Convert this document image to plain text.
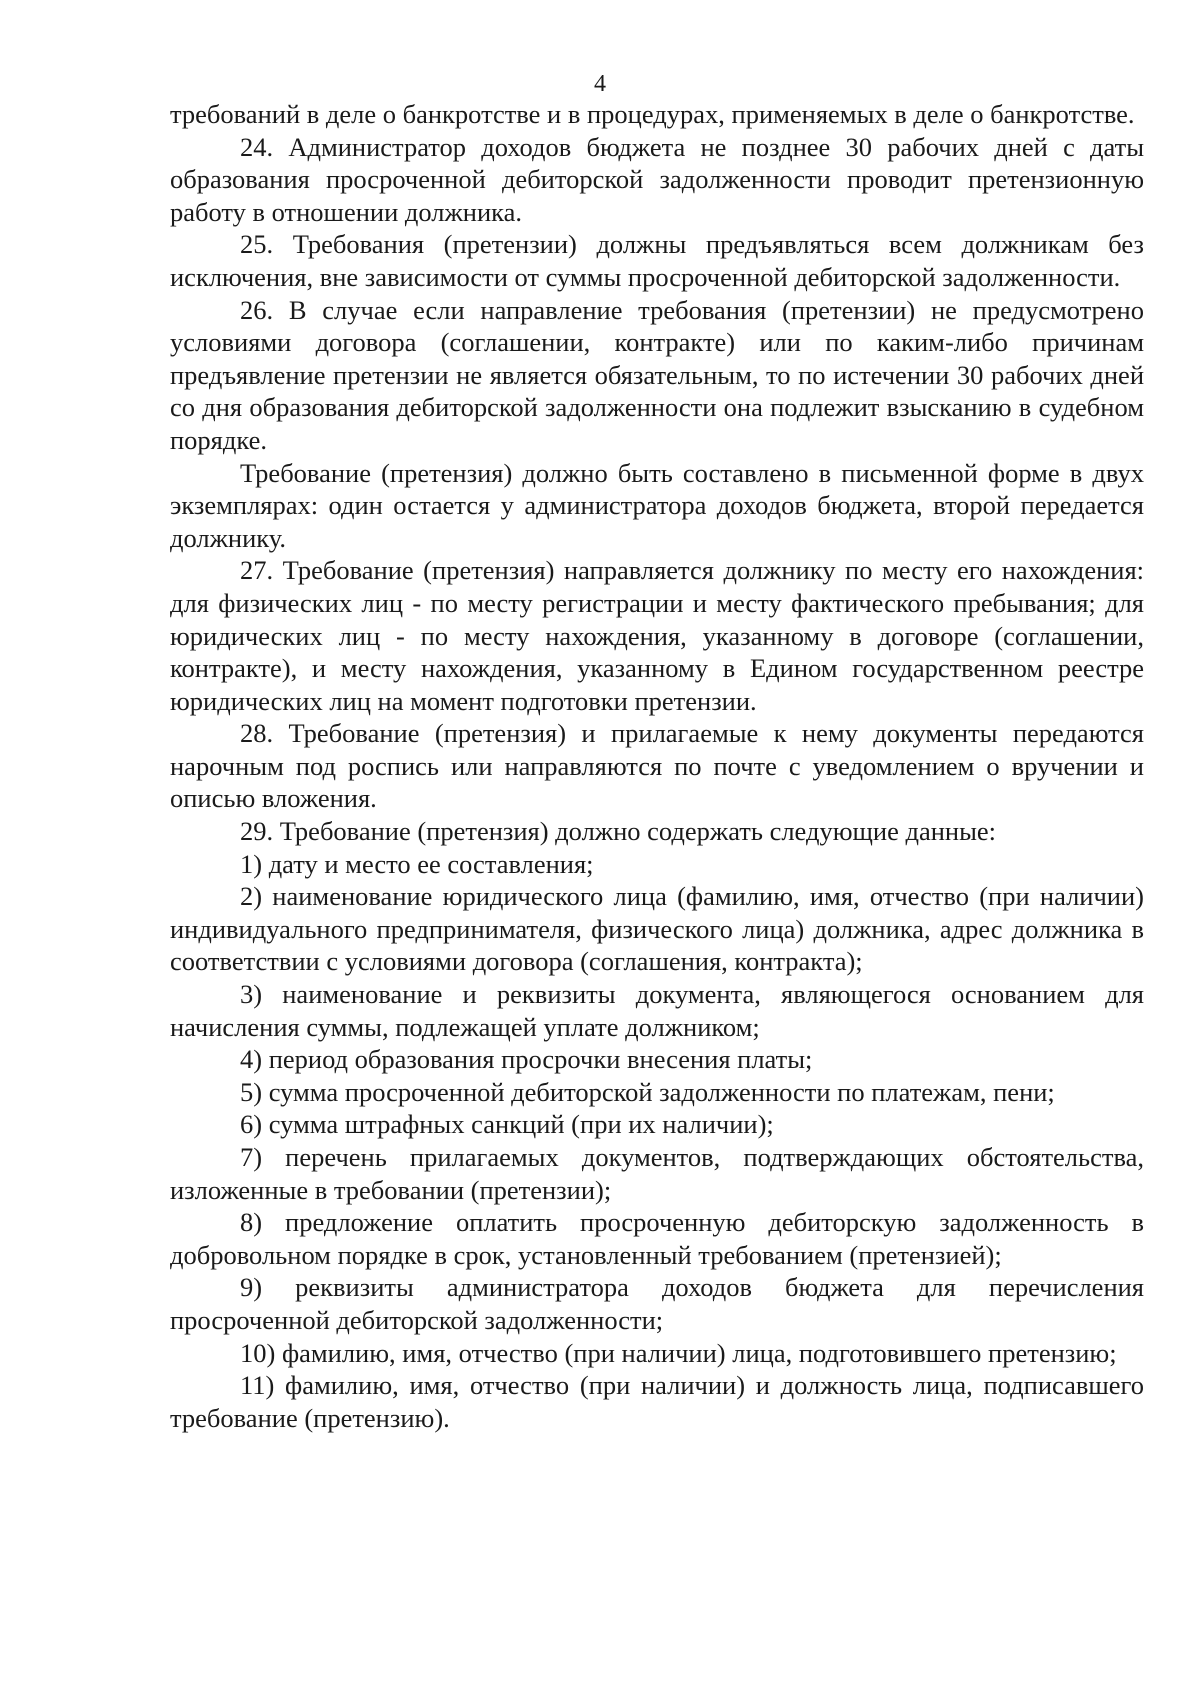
4

требований в деле о банкротстве и в процедурах, применяемых в деле о банкротстве.

24. Администратор доходов бюджета не позднее 30 рабочих дней с даты образования просроченной дебиторской задолженности проводит претензионную работу в отношении должника.

25. Требования (претензии) должны предъявляться всем должникам без исключения, вне зависимости от суммы просроченной дебиторской задолженности.

26. В случае если направление требования (претензии) не предусмотрено условиями договора (соглашении, контракте) или по каким-либо причинам предъявление претензии не является обязательным, то по истечении 30 рабочих дней со дня образования дебиторской задолженности она подлежит взысканию в судебном порядке.

Требование (претензия) должно быть составлено в письменной форме в двух экземплярах: один остается у администратора доходов бюджета, второй передается должнику.

27. Требование (претензия) направляется должнику по месту его нахождения: для физических лиц - по месту регистрации и месту фактического пребывания; для юридических лиц - по месту нахождения, указанному в договоре (соглашении, контракте), и месту нахождения, указанному в Едином государственном реестре юридических лиц на момент подготовки претензии.

28. Требование (претензия) и прилагаемые к нему документы передаются нарочным под роспись или направляются по почте с уведомлением о вручении и описью вложения.

29. Требование (претензия) должно содержать следующие данные:

1) дату и место ее составления;

2) наименование юридического лица (фамилию, имя, отчество (при наличии) индивидуального предпринимателя, физического лица) должника, адрес должника в соответствии с условиями договора (соглашения, контракта);

3) наименование и реквизиты документа, являющегося основанием для начисления суммы, подлежащей уплате должником;

4) период образования просрочки внесения платы;

5) сумма просроченной дебиторской задолженности по платежам, пени;

6) сумма штрафных санкций (при их наличии);

7) перечень прилагаемых документов, подтверждающих обстоятельства, изложенные в требовании (претензии);

8) предложение оплатить просроченную дебиторскую задолженность в добровольном порядке в срок, установленный требованием (претензией);

9) реквизиты администратора доходов бюджета для перечисления просроченной дебиторской задолженности;

10) фамилию, имя, отчество (при наличии) лица, подготовившего претензию;

11) фамилию, имя, отчество (при наличии) и должность лица, подписавшего требование (претензию).
